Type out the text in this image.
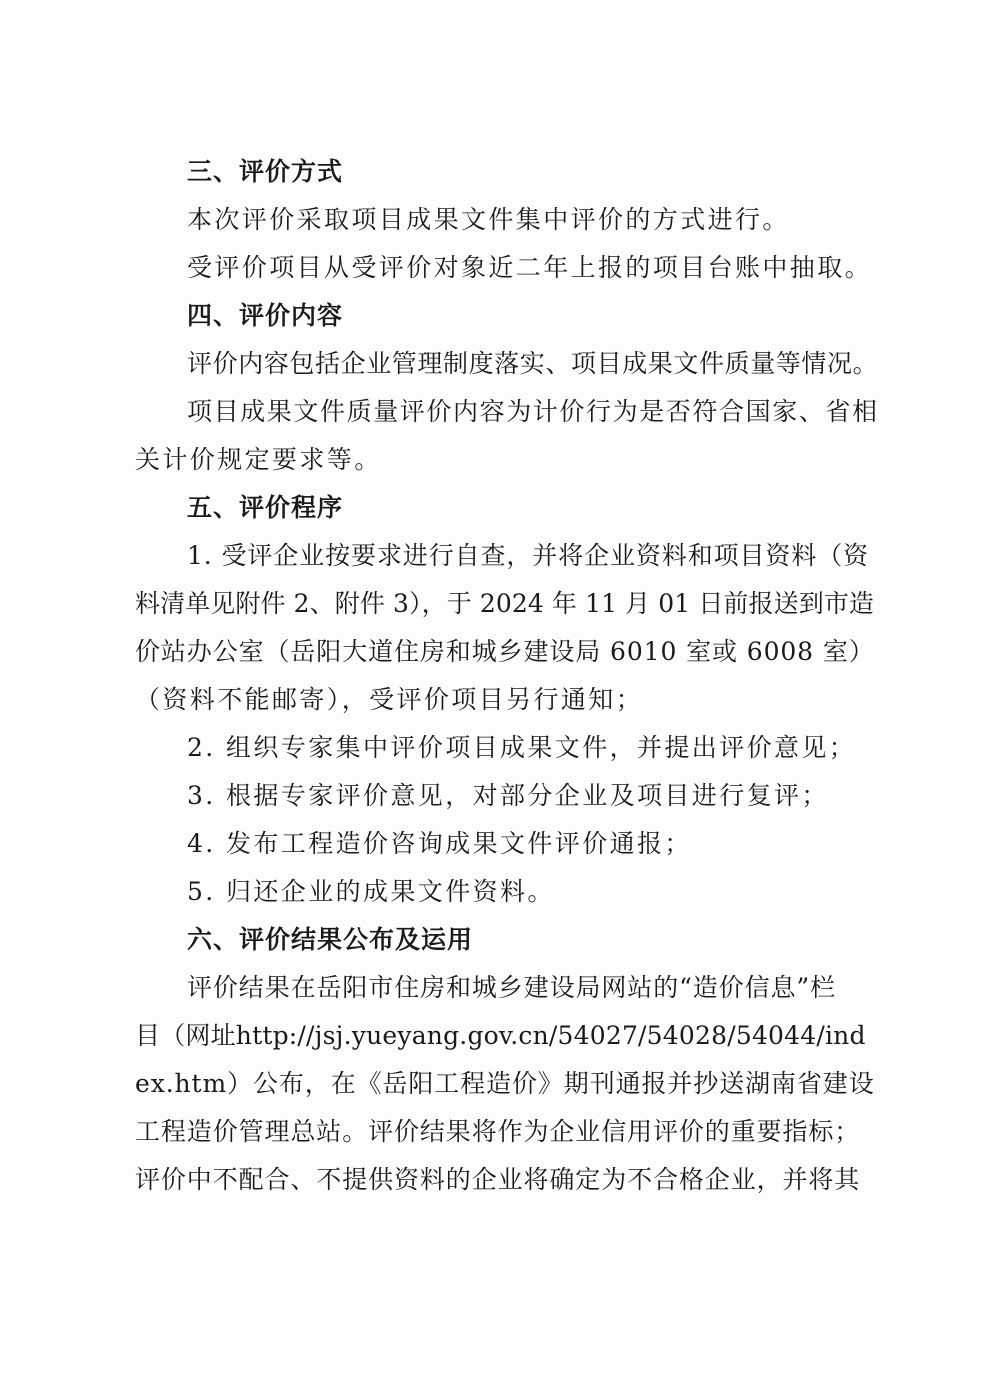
三、评价方式
本次评价采取项目成果文件集中评价的方式进行。
受评价项目从受评价对象近二年上报的项目台账中抽取。
四、评价内容
评价内容包括企业管理制度落实、项目成果文件质量等情况。
项目成果文件质量评价内容为计价行为是否符合国家、省相
关计价规定要求等。
五、评价程序
1. 受评企业按要求进行自查，并将企业资料和项目资料（资
料清单见附件 2、附件 3），于 2024 年 11 月 01 日前报送到市造
价站办公室（岳阳大道住房和城乡建设局 6010 室或 6008 室）
（资料不能邮寄），受评价项目另行通知；
2. 组织专家集中评价项目成果文件，并提出评价意见；
3. 根据专家评价意见，对部分企业及项目进行复评；
4. 发布工程造价咨询成果文件评价通报；
5. 归还企业的成果文件资料。
六、评价结果公布及运用
评价结果在岳阳市住房和城乡建设局网站的“造价信息”栏
目（网址http://jsj.yueyang.gov.cn/54027/54028/54044/ind
ex.htm）公布，在《岳阳工程造价》期刊通报并抄送湖南省建设
工程造价管理总站。评价结果将作为企业信用评价的重要指标；
评价中不配合、不提供资料的企业将确定为不合格企业，并将其
